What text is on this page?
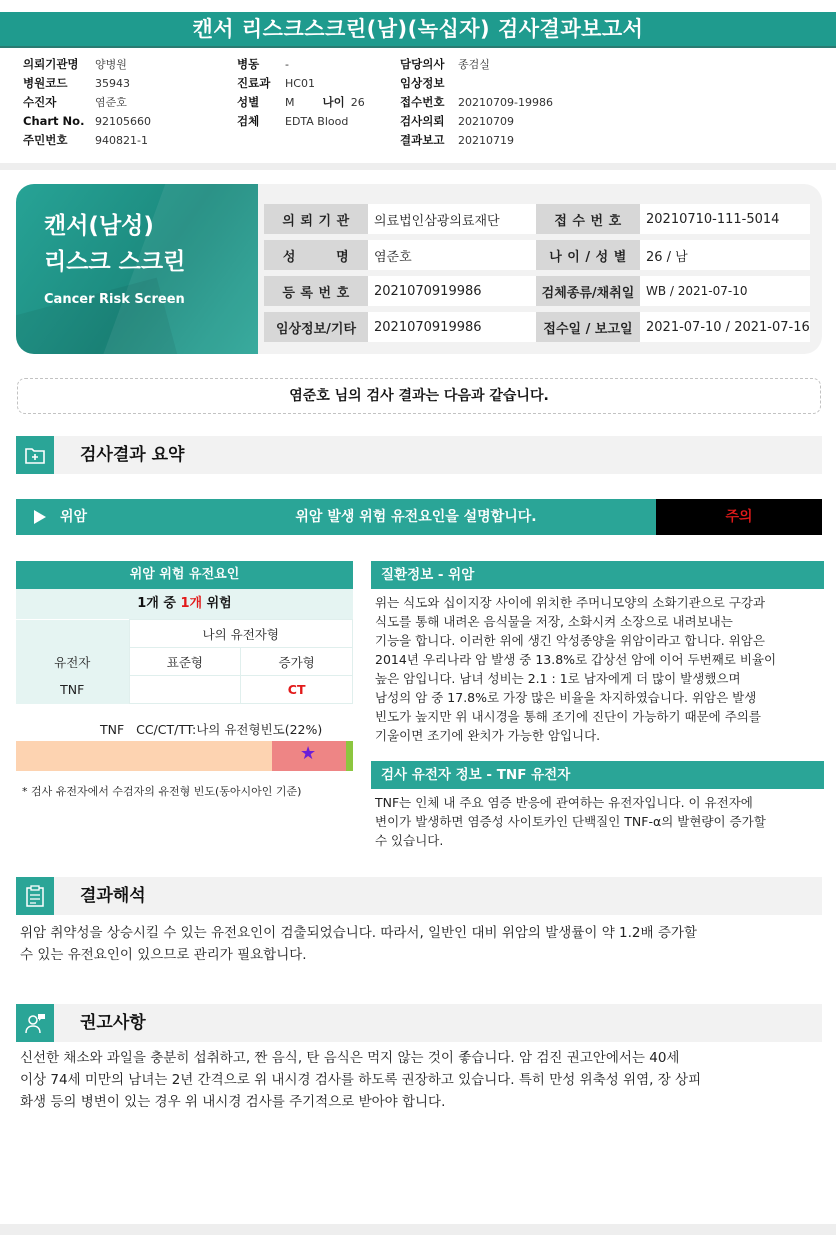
캔서 리스크스크린(남)(녹십자) 검사결과보고서
의뢰기관명 양병원
병원코드	35943
수진자	염준호
Chart No. 92105660
주민번호	940821-1
병동 -
진료과 HC01
성별 M 나이 26
검체 EDTA Blood
담당의사 종검실
임상정보
접수번호 20210709-19986
검사의뢰 20210709
결과보고 20210719
캔서(남성)
리스크 스크린
Cancer Risk Screen
의 뢰 기 관	의료법인삼광의료재단	접 수 번 호	20210710-111-5014
성        명	염준호	나 이 / 성 별	26 / 남
등 록 번 호	2021070919986	검체종류/채취일	WB / 2021-07-10
임상정보/기타	2021070919986	접수일 / 보고일	2021-07-10 / 2021-07-16
염준호 님의 검사 결과는 다음과 같습니다.
검사결과 요약
위암	위암 발생 위험 유전요인을 설명합니다.	주의
위암 위험 유전요인
1개 중 1개 위험
	나의 유전자형	
유전자	표준형	증가형
TNF		CT
TNF   CC/CT/TT:나의 유전형빈도(22%)
★
* 검사 유전자에서 수검자의 유전형 빈도(동아시아인 기준)
질환정보 - 위암
위는 식도와 십이지장 사이에 위치한 주머니모양의 소화기관으로 구강과
식도를 통해 내려온 음식물을 저장, 소화시켜 소장으로 내려보내는
기능을 합니다. 이러한 위에 생긴 악성종양을 위암이라고 합니다. 위암은
2014년 우리나라 암 발생 중 13.8%로 갑상선 암에 이어 두번째로 비율이
높은 암입니다. 남녀 성비는 2.1 : 1로 남자에게 더 많이 발생했으며
남성의 암 중 17.8%로 가장 많은 비율을 차지하였습니다. 위암은 발생
빈도가 높지만 위 내시경을 통해 조기에 진단이 가능하기 때문에 주의를
기울이면 조기에 완치가 가능한 암입니다.
검사 유전자 정보 - TNF 유전자
TNF는 인체 내 주요 염증 반응에 관여하는 유전자입니다. 이 유전자에
변이가 발생하면 염증성 사이토카인 단백질인 TNF-α의 발현량이 증가할
수 있습니다.
결과해석
위암 취약성을 상승시킬 수 있는 유전요인이 검출되었습니다. 따라서, 일반인 대비 위암의 발생률이 약 1.2배 증가할
수 있는 유전요인이 있으므로 관리가 필요합니다.
권고사항
신선한 채소와 과일을 충분히 섭취하고, 짠 음식, 탄 음식은 먹지 않는 것이 좋습니다. 암 검진 권고안에서는 40세
이상 74세 미만의 남녀는 2년 간격으로 위 내시경 검사를 하도록 권장하고 있습니다. 특히 만성 위축성 위염, 장 상피
화생 등의 병변이 있는 경우 위 내시경 검사를 주기적으로 받아야 합니다.
